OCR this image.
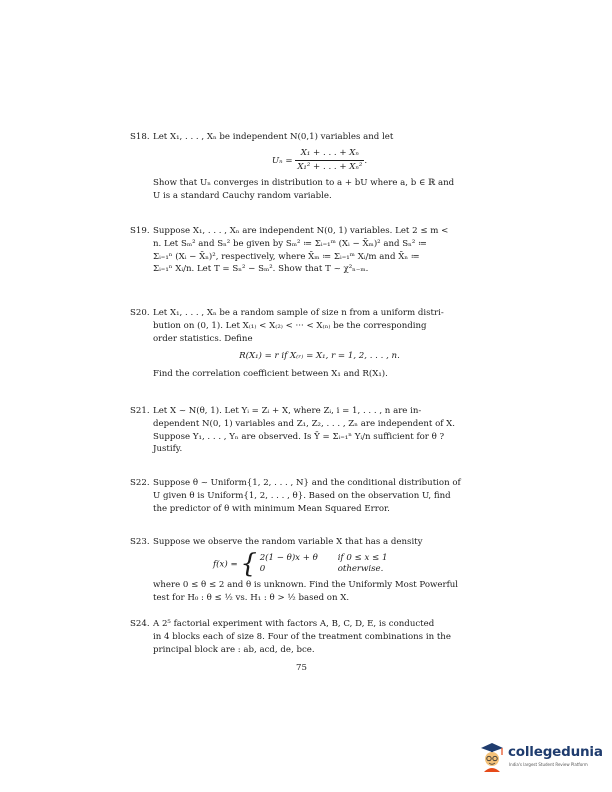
S18. Let X₁, . . . , Xₙ be independent N(0,1) variables and let
$U_n = \frac{\text{X₁ + . . . + Xₙ}}{\text{X₁² + . . . + Xₙ²}}$ .
Show that Uₙ converges in distribution to a + bU where a, b ∈ ℝ and
U is a standard Cauchy random variable.
S19. Suppose X₁, . . . , Xₙ are independent N(0, 1) variables. Let 2 ≤ m <
n. Let Sₘ² and Sₙ² be given by Sₘ² ≔ Σᵢ₌₁ᵐ (Xᵢ − X̄ₘ)² and Sₙ² ≔
Σᵢ₌₁ⁿ (Xᵢ − X̄ₙ)², respectively, where X̄ₘ ≔ Σᵢ₌₁ᵐ Xᵢ/m and X̄ₙ ≔
Σᵢ₌₁ⁿ Xᵢ/n. Let T = Sₙ² − Sₘ². Show that T ~ χ²ₙ₋ₘ.
S20. Let X₁, . . . , Xₙ be a random sample of size n from a uniform distri-
bution on (0, 1). Let X₍₁₎ < X₍₂₎ < ··· < X₍ₙ₎ be the corresponding
order statistics. Define
R(X₁) = r if X₍ᵣ₎ = X₁, r = 1, 2, . . . , n.
Find the correlation coefficient between X₁ and R(X₁).
S21. Let X ~ N(θ, 1). Let Yᵢ = Zᵢ + X, where Zᵢ, i = 1, . . . , n are in-
dependent N(0, 1) variables and Z₁, Z₂, . . . , Zₙ are independent of X.
Suppose Y₁, . . . , Yₙ are observed. Is Ȳ = Σᵢ₌₁ⁿ Yᵢ/n sufficient for θ ?
Justify.
S22. Suppose θ ~ Uniform{1, 2, . . . , N} and the conditional distribution of
U given θ is Uniform{1, 2, . . . , θ}. Based on the observation U, find
the predictor of θ with minimum Mean Squared Error.
S23. Suppose we observe the random variable X that has a density
f(x) = { 2(1 − θ)x + θ if 0 ≤ x ≤ 1
0	otherwise.
where 0 ≤ θ ≤ 2 and θ is unknown. Find the Uniformly Most Powerful
test for H₀ : θ ≤ ½ vs. H₁ : θ > ½ based on X.
S24. A 2⁵ factorial experiment with factors A, B, C, D, E, is conducted
in 4 blocks each of size 8. Four of the treatment combinations in the
principal block are : ab, acd, de, bce.
75
collegedunia
India's largest Student Review Platform
